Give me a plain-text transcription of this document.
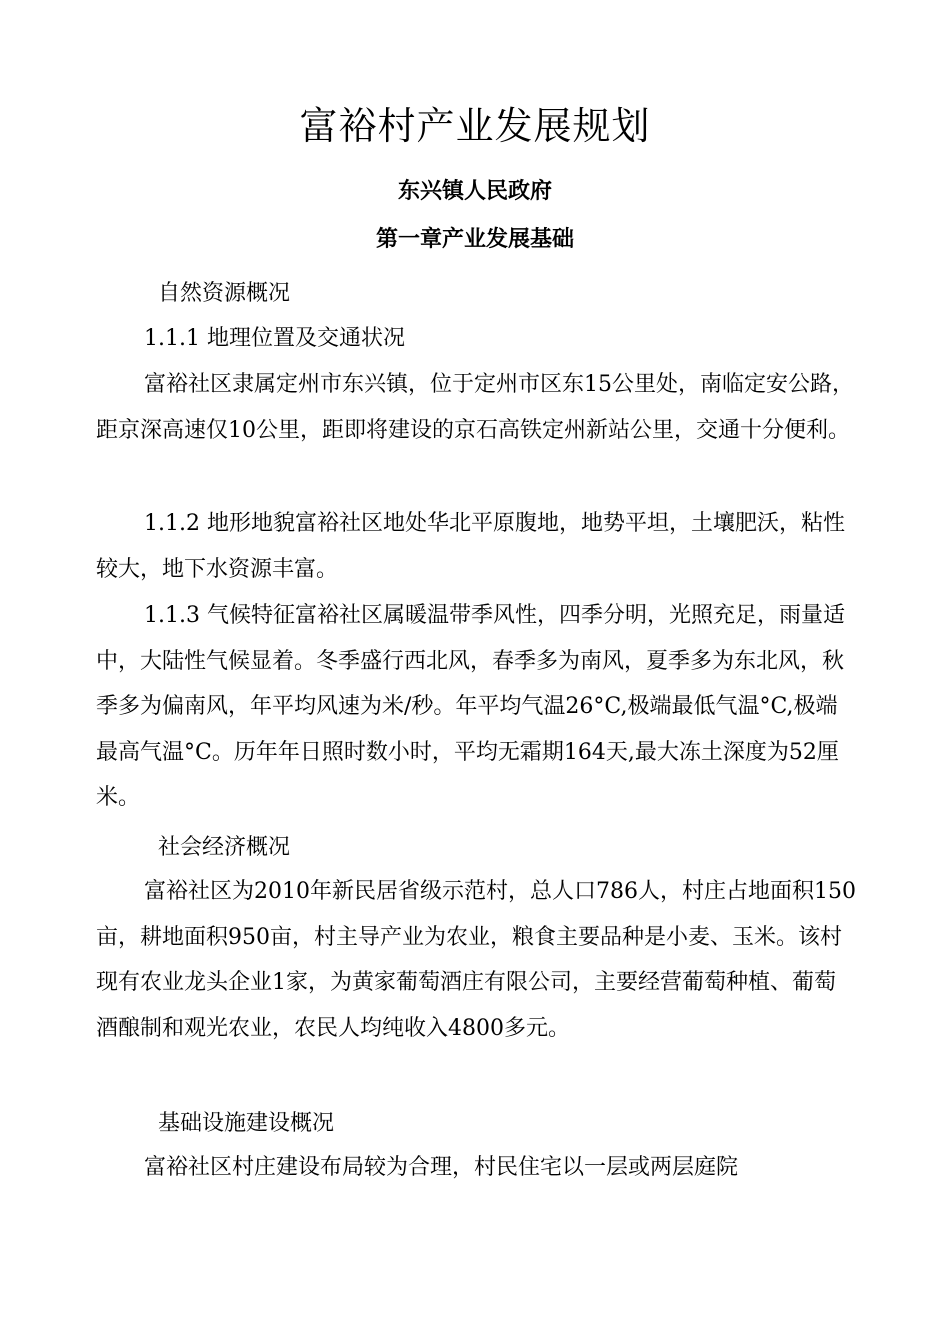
富裕村产业发展规划
东兴镇人民政府
第一章产业发展基础
自然资源概况
1.1.1 地理位置及交通状况

富裕社区隶属定州市东兴镇，位于定州市区东15公里处，南临定安公路，距京深高速仅10公里，距即将建设的京石高铁定州新站公里，交通十分便利。

1.1.2 地形地貌富裕社区地处华北平原腹地，地势平坦，土壤肥沃，粘性较大，地下水资源丰富。

1.1.3 气候特征富裕社区属暖温带季风性，四季分明，光照充足，雨量适中，大陆性气候显着。冬季盛行西北风，春季多为南风，夏季多为东北风，秋季多为偏南风，年平均风速为米/秒。年平均气温26°C,极端最低气温°C,极端最高气温°C。历年年日照时数小时，平均无霜期164天,最大冻土深度为52厘米。

社会经济概况

富裕社区为2010年新民居省级示范村，总人口786人，村庄占地面积150亩，耕地面积950亩，村主导产业为农业，粮食主要品种是小麦、玉米。该村现有农业龙头企业1家，为黄家葡萄酒庄有限公司，主要经营葡萄种植、葡萄酒酿制和观光农业，农民人均纯收入4800多元。

基础设施建设概况

富裕社区村庄建设布局较为合理，村民住宅以一层或两层庭院
